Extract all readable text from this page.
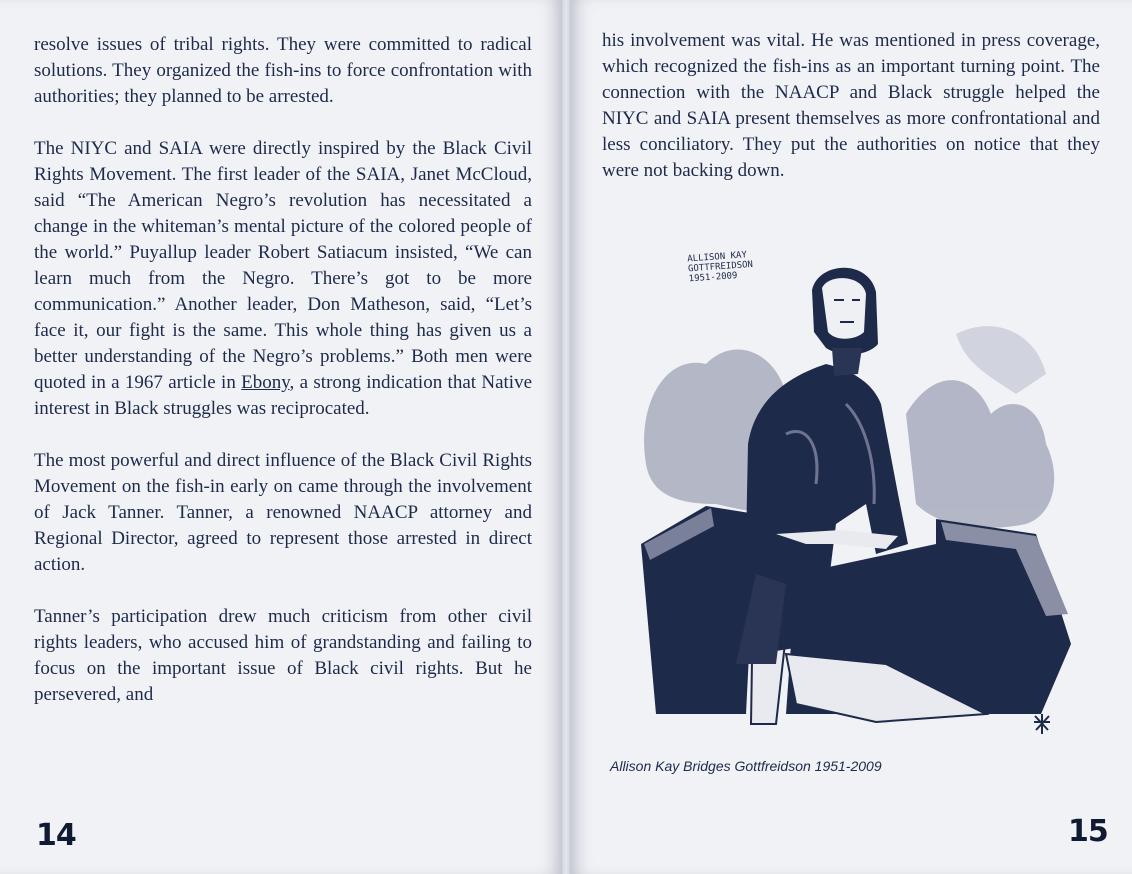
resolve issues of tribal rights. They were committed to radical solutions. They organized the fish-ins to force confrontation with authorities; they planned to be arrested.

The NIYC and SAIA were directly inspired by the Black Civil Rights Movement. The first leader of the SAIA, Janet McCloud, said “The American Negro’s revolution has necessitated a change in the whiteman’s mental picture of the colored people of the world.” Puyallup leader Robert Satiacum insisted, “We can learn much from the Negro. There’s got to be more communication.” Another leader, Don Matheson, said, “Let’s face it, our fight is the same. This whole thing has given us a better understanding of the Negro’s problems.” Both men were quoted in a 1967 article in Ebony, a strong indication that Native interest in Black struggles was reciprocated.

The most powerful and direct influence of the Black Civil Rights Movement on the fish-in early on came through the involvement of Jack Tanner. Tanner, a renowned NAACP attorney and Regional Director, agreed to represent those arrested in direct action.

Tanner’s participation drew much criticism from other civil rights leaders, who accused him of grandstanding and failing to focus on the important issue of Black civil rights. But he persevered, and

14

his involvement was vital. He was mentioned in press coverage, which recognized the fish-ins as an important turning point. The connection with the NAACP and Black struggle helped the NIYC and SAIA present themselves as more confrontational and less conciliatory. They put the authorities on notice that they were not backing down.

ALLISON KAY GOTTFREIDSON 1951-2009
Allison Kay Bridges Gottfreidson 1951-2009
15
